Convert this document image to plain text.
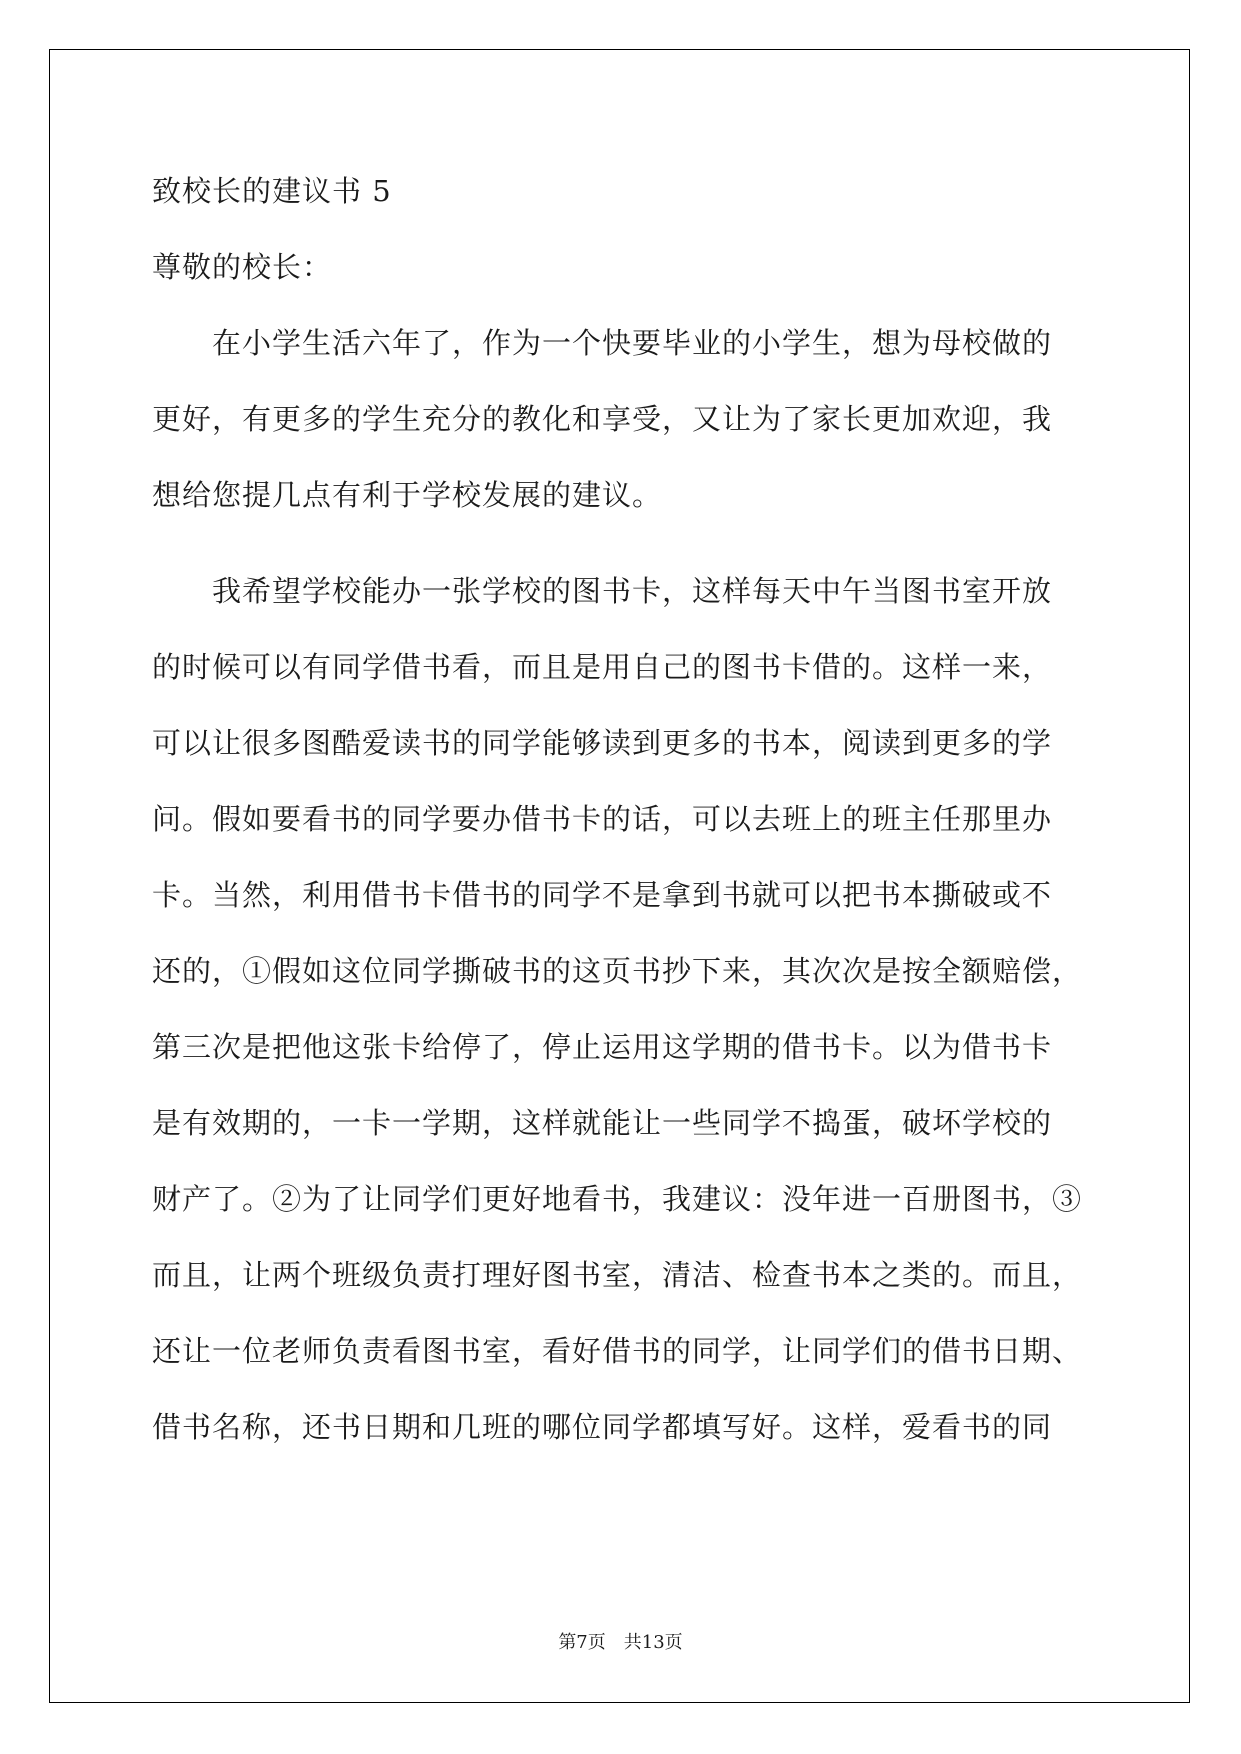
致校长的建议书 5

尊敬的校长：

在小学生活六年了，作为一个快要毕业的小学生，想为母校做的

更好，有更多的学生充分的教化和享受，又让为了家长更加欢迎，我

想给您提几点有利于学校发展的建议。

我希望学校能办一张学校的图书卡，这样每天中午当图书室开放

的时候可以有同学借书看，而且是用自己的图书卡借的。这样一来，

可以让很多图酷爱读书的同学能够读到更多的书本，阅读到更多的学

问。假如要看书的同学要办借书卡的话，可以去班上的班主任那里办

卡。当然，利用借书卡借书的同学不是拿到书就可以把书本撕破或不

还的，①假如这位同学撕破书的这页书抄下来，其次次是按全额赔偿，

第三次是把他这张卡给停了，停止运用这学期的借书卡。以为借书卡

是有效期的，一卡一学期，这样就能让一些同学不捣蛋，破坏学校的

财产了。②为了让同学们更好地看书，我建议：没年进一百册图书，③

而且，让两个班级负责打理好图书室，清洁、检查书本之类的。而且，

还让一位老师负责看图书室，看好借书的同学，让同学们的借书日期、

借书名称，还书日期和几班的哪位同学都填写好。这样，爱看书的同

第7页 共13页
